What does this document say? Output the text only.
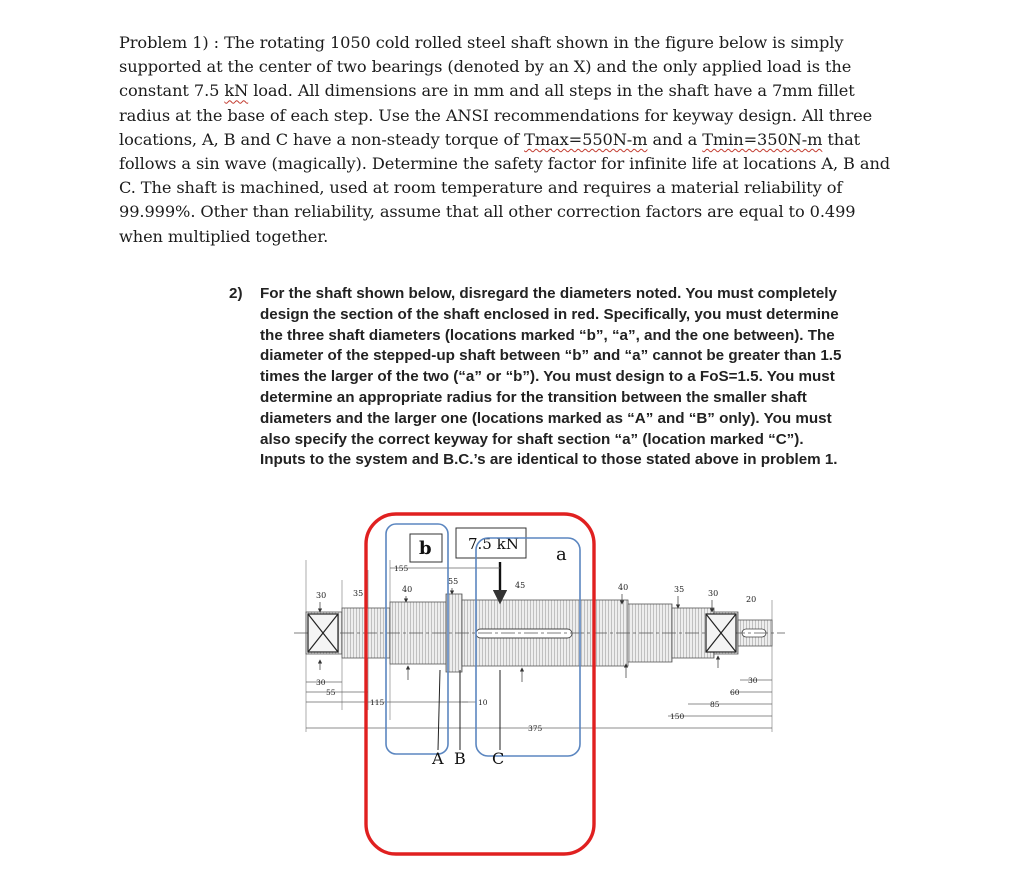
Problem 1) : The rotating 1050 cold rolled steel shaft shown in the figure below is simply supported at the center of two bearings (denoted by an X) and the only applied load is the constant 7.5 kN load. All dimensions are in mm and all steps in the shaft have a 7mm fillet radius at the base of each step. Use the ANSI recommendations for keyway design. All three locations, A, B and C have a non-steady torque of Tmax=550N-m and a Tmin=350N-m that follows a sin wave (magically). Determine the safety factor for infinite life at locations A, B and C. The shaft is machined, used at room temperature and requires a material reliability of 99.999%. Other than reliability, assume that all other correction factors are equal to 0.499 when multiplied together.
2) For the shaft shown below, disregard the diameters noted. You must completely design the section of the shaft enclosed in red. Specifically, you must determine the three shaft diameters (locations marked “b”, “a”, and the one between). The diameter of the stepped-up shaft between “b” and “a” cannot be greater than 1.5 times the larger of the two (“a” or “b”). You must design to a FoS=1.5. You must determine an appropriate radius for the transition between the smaller shaft diameters and the larger one (locations marked as “A” and “B” only). You must also specify the correct keyway for shaft section “a” (location marked “C”). Inputs to the system and B.C.’s are identical to those stated above in problem 1.
30	35	40
55	45	40	35	30
20
155
30
55
115	10
375
150
85
60
30
7.5 kN
b	a
A B C
